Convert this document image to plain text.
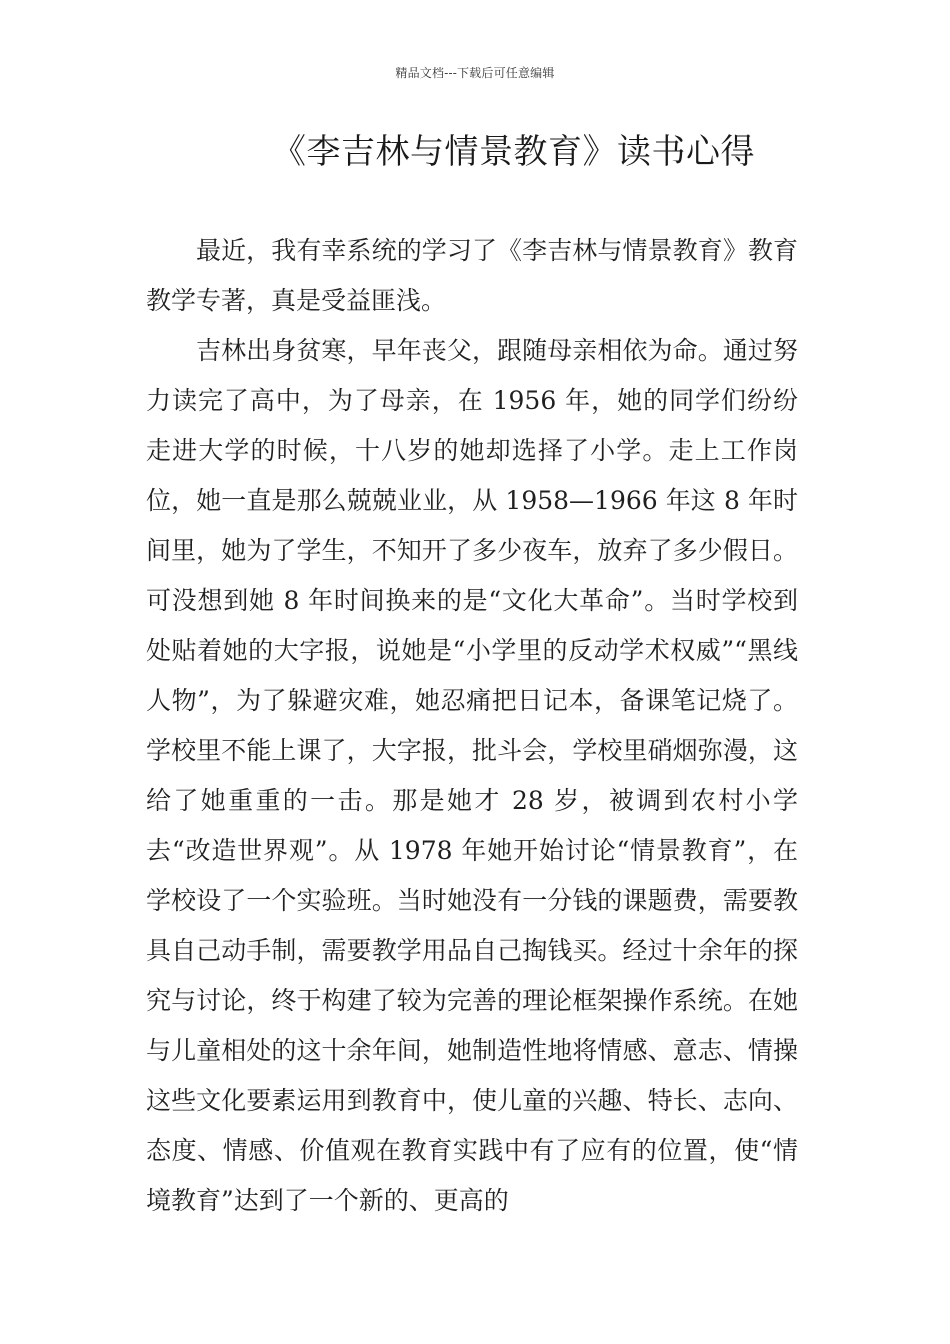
精品文档---下载后可任意编辑
《李吉林与情景教育》读书心得

最近，我有幸系统的学习了《李吉林与情景教育》教育教学专著，真是受益匪浅。

吉林出身贫寒，早年丧父，跟随母亲相依为命。通过努力读完了高中，为了母亲，在 1956 年，她的同学们纷纷走进大学的时候，十八岁的她却选择了小学。走上工作岗位，她一直是那么兢兢业业，从 1958—1966 年这 8 年时间里，她为了学生，不知开了多少夜车，放弃了多少假日。可没想到她 8 年时间换来的是“文化大革命”。当时学校到处贴着她的大字报，说她是“小学里的反动学术权威”“黑线人物”，为了躲避灾难，她忍痛把日记本，备课笔记烧了。学校里不能上课了，大字报，批斗会，学校里硝烟弥漫，这给了她重重的一击。那是她才 28 岁，被调到农村小学去“改造世界观”。从 1978 年她开始讨论“情景教育”，在学校设了一个实验班。当时她没有一分钱的课题费，需要教具自己动手制，需要教学用品自己掏钱买。经过十余年的探究与讨论，终于构建了较为完善的理论框架操作系统。在她与儿童相处的这十余年间，她制造性地将情感、意志、情操这些文化要素运用到教育中，使儿童的兴趣、特长、志向、态度、情感、价值观在教育实践中有了应有的位置，使“情境教育”达到了一个新的、更高的
